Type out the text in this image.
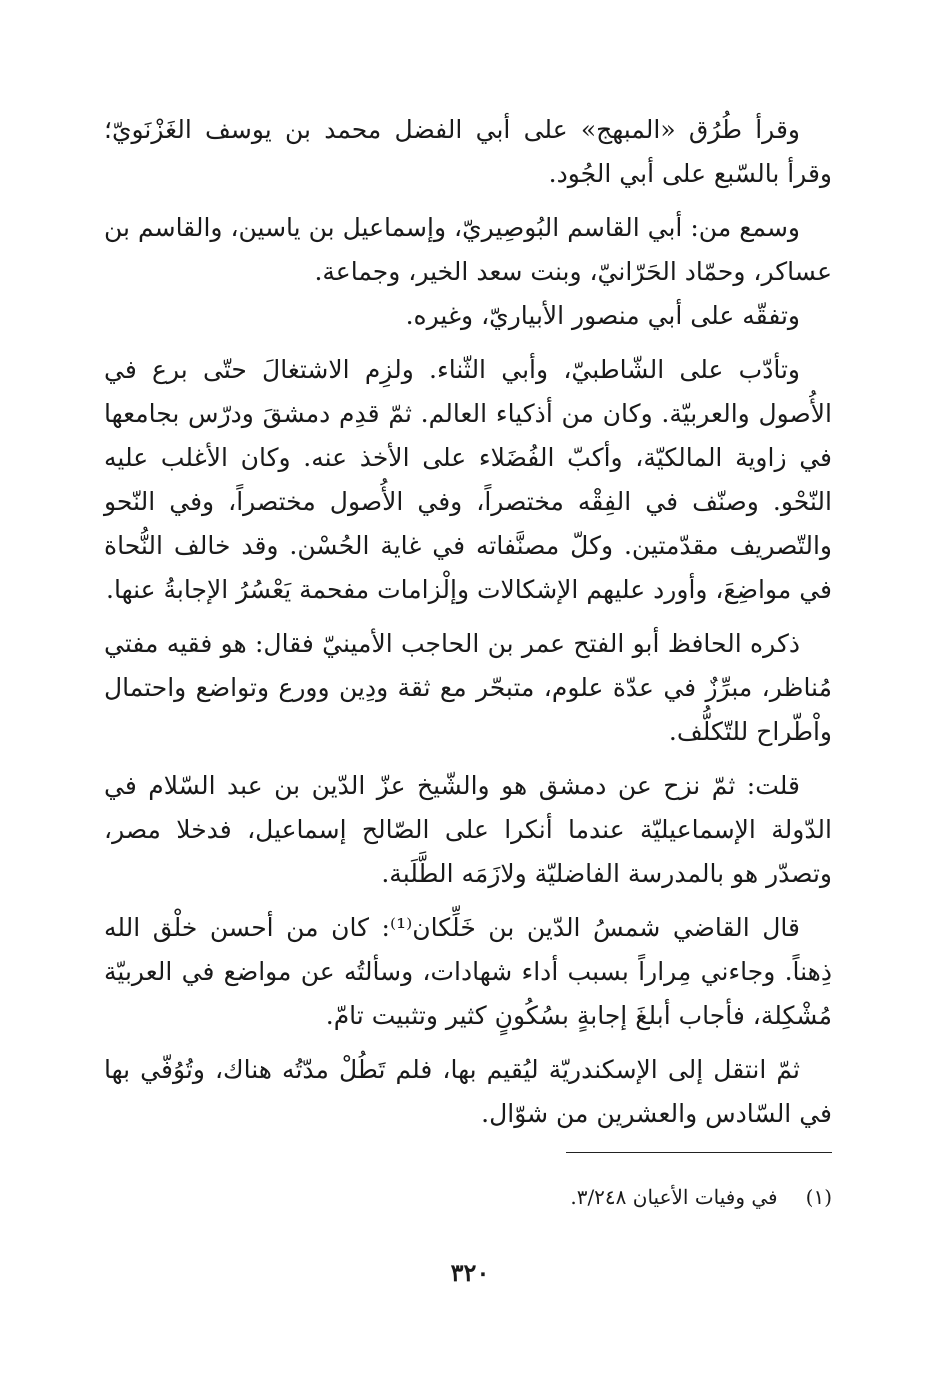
وقرأ طُرُق «المبهج» على أبي الفضل محمد بن يوسف الغَزْنَويّ؛ وقرأ بالسّبع على أبي الجُود.

وسمع من: أبي القاسم البُوصِيريّ، وإسماعيل بن ياسين، والقاسم بن عساكر، وحمّاد الحَرّانيّ، وبنت سعد الخير، وجماعة.

وتفقّه على أبي منصور الأبياريّ، وغيره.

وتأدّب على الشّاطبيّ، وأبي الثّناء. ولزِم الاشتغالَ حتّى برع في الأُصول والعربيّة. وكان من أذكياء العالم. ثمّ قدِم دمشقَ ودرّس بجامعها في زاوية المالكيّة، وأكبّ الفُضَلاء على الأخذ عنه. وكان الأغلب عليه النّحْو. وصنّف في الفِقْه مختصراً، وفي الأُصول مختصراً، وفي النّحو والتّصريف مقدّمتين. وكلّ مصنَّفاته في غاية الحُسْن. وقد خالف النُّحاة في مواضِعَ، وأورد عليهم الإشكالات وإلْزامات مفحمة يَعْسُرُ الإجابةُ عنها.

ذكره الحافظ أبو الفتح عمر بن الحاجب الأمينيّ فقال: هو فقيه مفتي مُناظر، مبرِّزٌ في عدّة علوم، متبحّر مع ثقة ودِين وورع وتواضع واحتمال واْطّراح للتّكلُّف.

قلت: ثمّ نزح عن دمشق هو والشّيخ عزّ الدّين بن عبد السّلام في الدّولة الإسماعيليّة عندما أنكرا على الصّالح إسماعيل، فدخلا مصر، وتصدّر هو بالمدرسة الفاضليّة ولازَمَه الطَّلَبة.

قال القاضي شمسُ الدّين بن خَلِّكان⁽¹⁾: كان من أحسن خلْق الله ذِهناً. وجاءني مِراراً بسبب أداء شهادات، وسألتُه عن مواضع في العربيّة مُشْكِلة، فأجاب أبلغَ إجابةٍ بسُكُونٍ كثير وتثبيت تامّ.

ثمّ انتقل إلى الإسكندريّة ليُقيم بها، فلم تَطُلْ مدّتُه هناك، وتُوُفّي بها في السّادس والعشرين من شوّال.

(١)في وفيات الأعيان ٣/٢٤٨.
٣٢٠
